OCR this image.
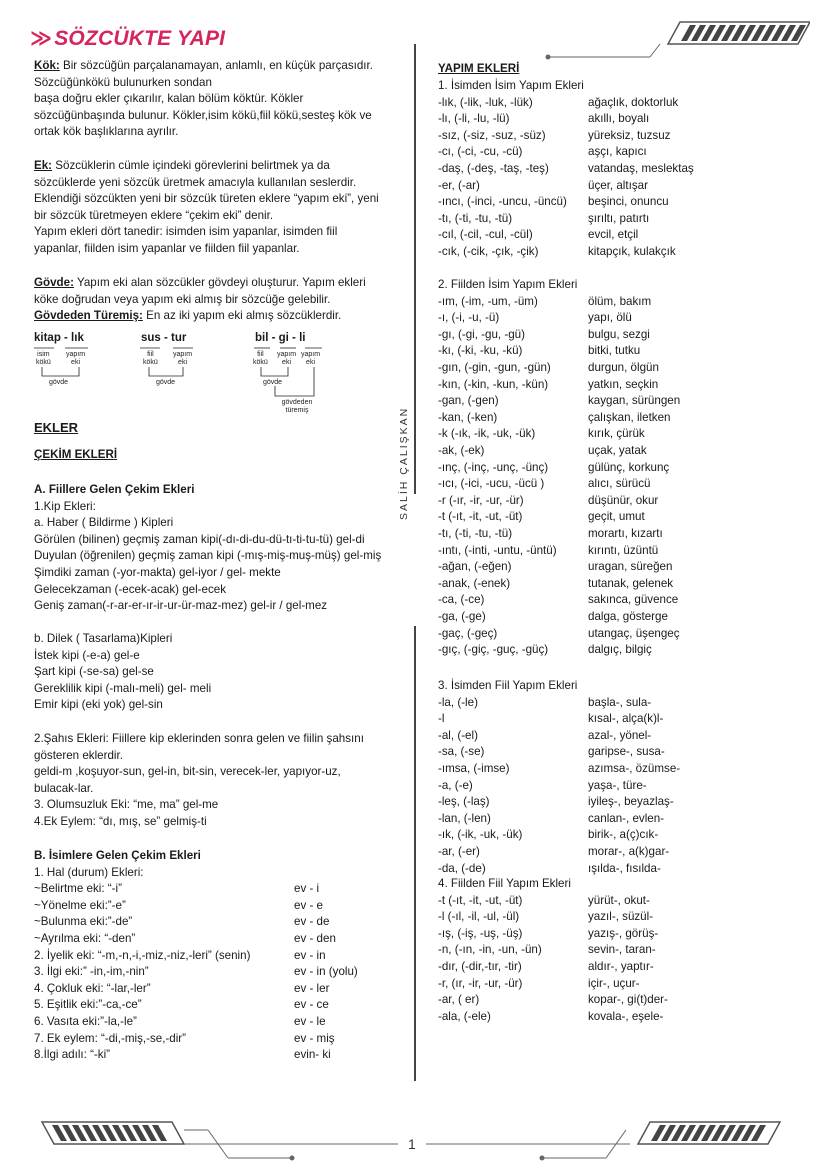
≫SÖZCÜKTE YAPI
SALİH ÇALIŞKAN
Kök: Bir sözcüğün parçalanamayan, anlamlı, en küçük parçasıdır.
Sözcüğünkökü bulunurken sondan
başa doğru ekler çıkarılır, kalan bölüm köktür. Kökler
sözcüğünbaşında bulunur. Kökler,isim kökü,fiil kökü,sesteş kök ve
ortak kök başlıklarına ayrılır.
Ek: Sözcüklerin cümle içindeki görevlerini belirtmek ya da
sözcüklerde yeni sözcük üretmek amacıyla kullanılan seslerdir.
Eklendiği sözcükten yeni bir sözcük türeten eklere “yapım eki”, yeni
bir sözcük türetmeyen eklere “çekim eki” denir.
Yapım ekleri dört tanedir: isimden isim yapanlar, isimden fiil
yapanlar, fiilden isim yapanlar ve fiilden fiil yapanlar.
Gövde: Yapım eki alan sözcükler gövdeyi oluşturur. Yapım ekleri
köke doğrudan veya yapım eki almış bir sözcüğe gelebilir.
Gövdeden Türemiş: En az iki yapım eki almış sözcüklerdir.
kitap - lık	sus - tur	bil - gi - li
isim
kökü
yapım
eki
gövde
fiil
kökü
yapım
eki
gövde
fiil
kökü
yapım
eki
yapım
eki
gövde
gövdeden
türemiş
EKLER
ÇEKİM EKLERİ
A. Fiillere Gelen Çekim Ekleri
1.Kip Ekleri:
a. Haber ( Bildirme ) Kipleri
Görülen (bilinen) geçmiş zaman kipi(-dı-di-du-dü-tı-ti-tu-tü) gel-di
Duyulan (öğrenilen) geçmiş zaman kipi (-mış-miş-muş-müş) gel-miş
Şimdiki zaman (-yor-makta) gel-iyor / gel- mekte
Gelecekzaman (-ecek-acak) gel-ecek
Geniş zaman(-r-ar-er-ır-ir-ur-ür-maz-mez) gel-ir / gel-mez
b. Dilek ( Tasarlama)Kipleri
İstek kipi (-e-a) gel-e
Şart kipi (-se-sa) gel-se
Gereklilik kipi (-malı-meli) gel- meli
Emir kipi (eki yok) gel-sin
2.Şahıs Ekleri: Fiillere kip eklerinden sonra gelen ve fiilin şahsını
gösteren eklerdir.
geldi-m ,koşuyor-sun, gel-in, bit-sin, verecek-ler, yapıyor-uz,
bulacak-lar.
3. Olumsuzluk Eki: “me, ma” gel-me
4.Ek Eylem: “dı, mış, se” gelmiş-ti
B. İsimlere Gelen Çekim Ekleri
1. Hal (durum) Ekleri:
~Belirtme eki: “-i”	ev - i
~Yönelme eki:”-e”	ev - e
~Bulunma eki:”-de”	ev - de
~Ayrılma eki: “-den”	ev - den
2. İyelik eki: “-m,-n,-i,-miz,-niz,-leri” (senin)	ev - in
3. İlgi eki:” -in,-im,-nin”	ev - in (yolu)
4. Çokluk eki: “-lar,-ler”	ev - ler
5. Eşitlik eki:”-ca,-ce”	ev - ce
6. Vasıta eki:”-la,-le”	ev - le
7. Ek eylem: “-di,-miş,-se,-dir”	ev - miş
8.İlgi adılı: “-ki”	evin- ki
YAPIM EKLERİ
1. İsimden İsim Yapım Ekleri
-lık, (-lik, -luk, -lük)	ağaçlık, doktorluk
-lı, (-li, -lu, -lü)	akıllı, boyalı
-sız, (-siz, -suz, -süz)	yüreksiz, tuzsuz
-cı, (-ci, -cu, -cü)	aşçı, kapıcı
-daş, (-deş, -taş, -teş)	vatandaş, meslektaş
-er, (-ar)	üçer, altışar
-ıncı, (-inci, -uncu, -üncü) beşinci, onuncu
-tı, (-ti, -tu, -tü)	şırıltı, patırtı
-cıl, (-cil, -cul, -cül)	evcil, etçil
-cık, (-cik, -çık, -çik)	kitapçık, kulakçık
2. Fiilden İsim Yapım Ekleri
-ım, (-im, -um, -üm)	ölüm, bakım
-ı, (-i, -u, -ü)	yapı, ölü
-gı, (-gi, -gu, -gü)	bulgu, sezgi
-kı, (-ki, -ku, -kü)	bitki, tutku
-gın, (-gin, -gun, -gün)	durgun, ölgün
-kın, (-kin, -kun, -kün)	yatkın, seçkin
-gan, (-gen)	kaygan, sürüngen
-kan, (-ken)	çalışkan, iletken
-k (-ık, -ik, -uk, -ük)	kırık, çürük
-ak, (-ek)	uçak, yatak
-ınç, (-inç, -unç, -ünç)	gülünç, korkunç
-ıcı, (-ici, -ucu, -ücü )	alıcı, sürücü
-r (-ır, -ir, -ur, -ür)	düşünür, okur
-t (-ıt, -it, -ut, -üt)	geçit, umut
-tı, (-ti, -tu, -tü)	morartı, kızartı
-ıntı, (-inti, -untu, -üntü)	kırıntı, üzüntü
-ağan, (-eğen)	uragan, süreğen
-anak, (-enek)	tutanak, gelenek
-ca, (-ce)	sakınca, güvence
-ga, (-ge)	dalga, gösterge
-gaç, (-geç)	utangaç, üşengeç
-gıç, (-giç, -guç, -güç)	dalgıç, bilgiç
3. İsimden Fiil Yapım Ekleri
-la, (-le)	başla-, sula-
-l	kısal-, alça(k)l-
-al, (-el)	azal-, yönel-
-sa, (-se)	garipse-, susa-
-ımsa, (-imse)	azımsa-, özümse-
-a, (-e)	yaşa-, türe-
-leş, (-laş)	iyileş-, beyazlaş-
-lan, (-len)	canlan-, evlen-
-ık, (-ik, -uk, -ük)	birik-, a(ç)cık-
-ar, (-er)	morar-, a(k)gar-
-da, (-de)	ışılda-, fısılda-
4. Fiilden Fiil Yapım Ekleri
-t (-ıt, -it, -ut, -üt)	yürüt-, okut-
-l (-ıl, -il, -ul, -ül)	yazıl-, süzül-
-ış, (-iş, -uş, -üş)	yazış-, görüş-
-n, (-ın, -in, -un, -ün)	sevin-, taran-
-dır, (-dir,-tır, -tir)	aldır-, yaptır-
-r, (ır, -ir, -ur, -ür)	içir-, uçur-
-ar, ( er)	kopar-, gi(t)der-
-ala, (-ele)	kovala-, eşele-
1
